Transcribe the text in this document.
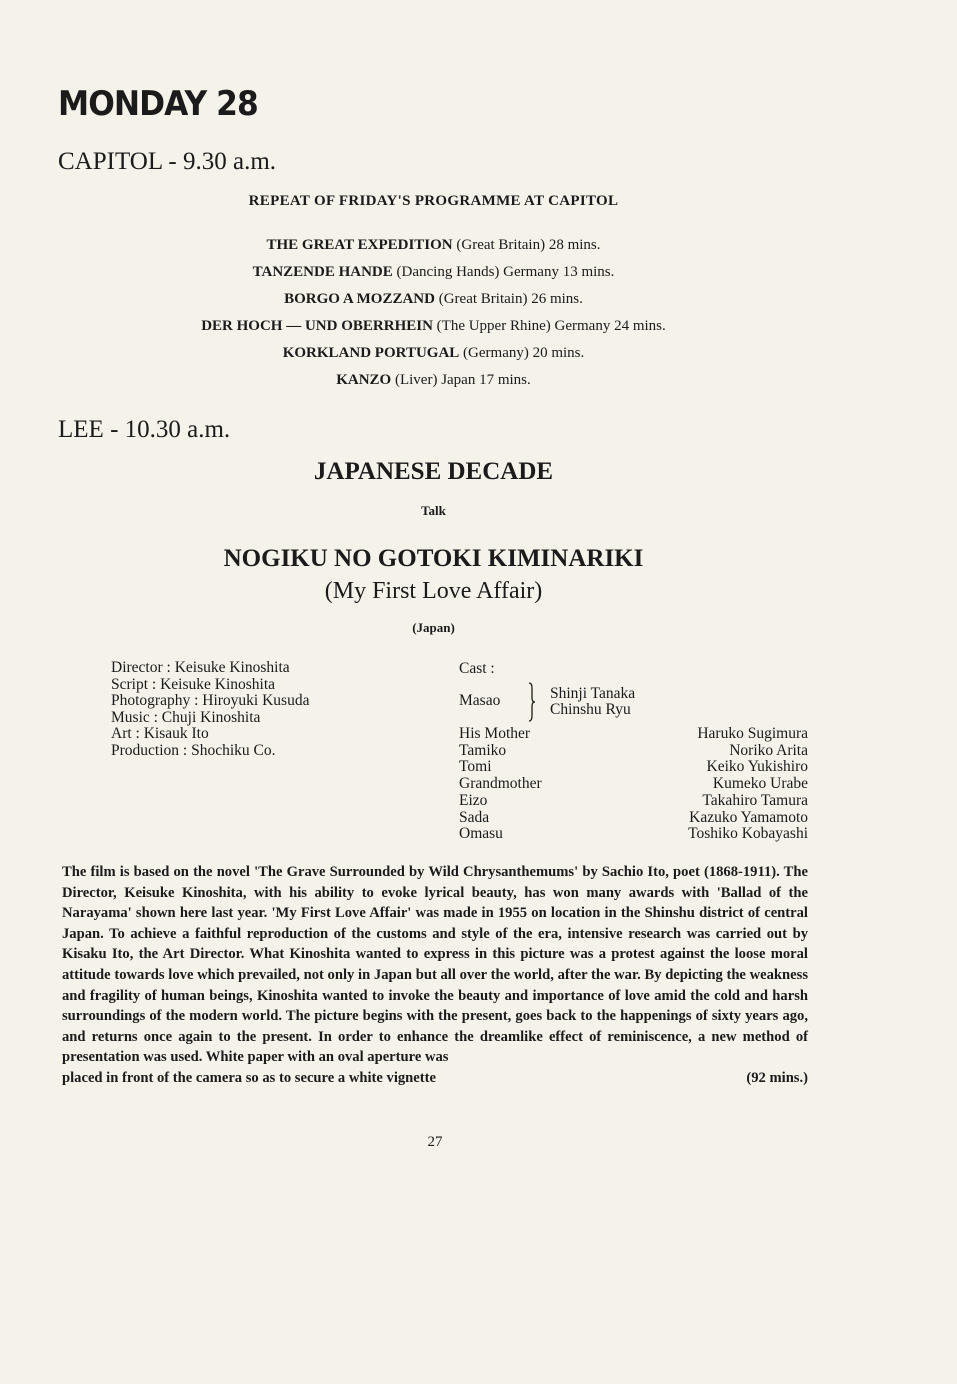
MONDAY 28
CAPITOL - 9.30 a.m.
REPEAT OF FRIDAY'S PROGRAMME AT CAPITOL
THE GREAT EXPEDITION (Great Britain) 28 mins.
TANZENDE HANDE (Dancing Hands) Germany 13 mins.
BORGO A MOZZAND (Great Britain) 26 mins.
DER HOCH — UND OBERRHEIN (The Upper Rhine) Germany 24 mins.
KORKLAND PORTUGAL (Germany) 20 mins.
KANZO (Liver) Japan 17 mins.
LEE - 10.30 a.m.
JAPANESE DECADE
Talk
NOGIKU NO GOTOKI KIMINARIKI
(My First Love Affair)
(Japan)
Director : Keisuke Kinoshita
Script : Keisuke Kinoshita
Photography : Hiroyuki Kusuda
Music : Chuji Kinoshita
Art : Kisauk Ito
Production : Shochiku Co.
Cast :
Masao	Shinji Tanaka
Chinshu Ryu
His Mother
Tamiko
Tomi
Grandmother
Eizo
Sada
Omasu
Haruko Sugimura
Noriko Arita
Keiko Yukishiro
Kumeko Urabe
Takahiro Tamura
Kazuko Yamamoto
Toshiko Kobayashi
The film is based on the novel 'The Grave Surrounded by Wild Chrysanthemums' by Sachio Ito, poet (1868-1911). The Director, Keisuke Kinoshita, with his ability to evoke lyrical beauty, has won many awards with 'Ballad of the Narayama' shown here last year. 'My First Love Affair' was made in 1955 on location in the Shinshu district of central Japan. To achieve a faithful reproduction of the customs and style of the era, intensive research was carried out by Kisaku Ito, the Art Director. What Kinoshita wanted to express in this picture was a protest against the loose moral attitude towards love which prevailed, not only in Japan but all over the world, after the war. By depicting the weakness and fragility of human beings, Kinoshita wanted to invoke the beauty and importance of love amid the cold and harsh surroundings of the modern world. The picture begins with the present, goes back to the happenings of sixty years ago, and returns once again to the present. In order to enhance the dreamlike effect of reminiscence, a new method of presentation was used. White paper with an oval aperture was
placed in front of the camera so as to secure a white vignette	(92 mins.)
27
